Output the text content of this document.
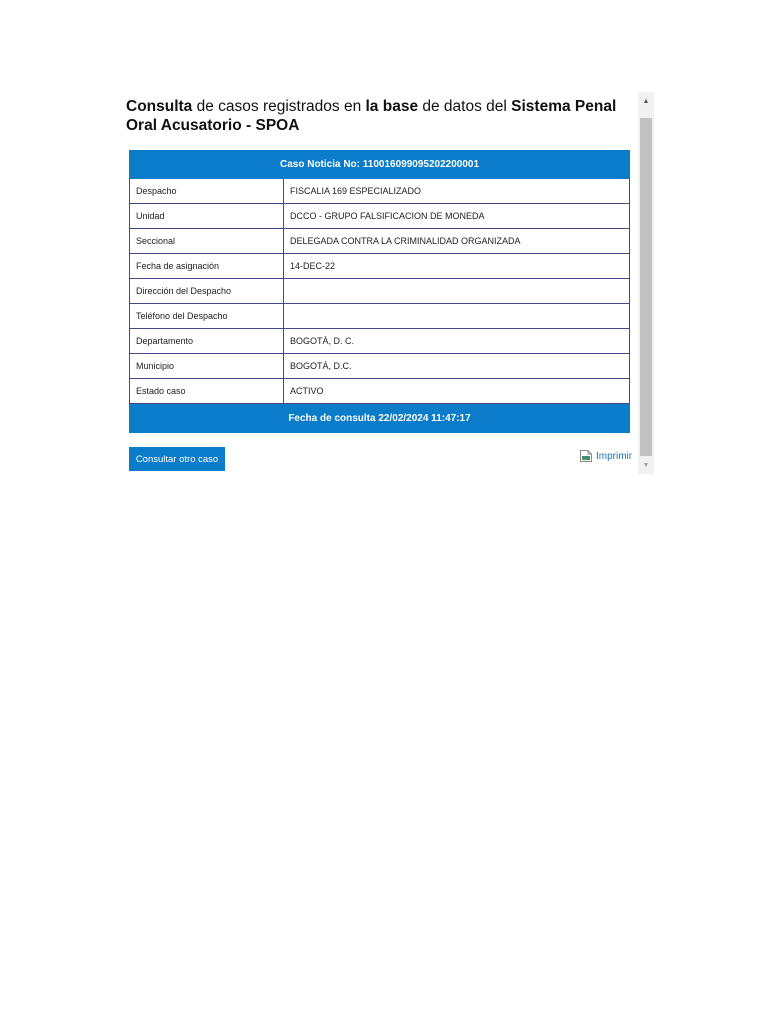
Consulta de casos registrados en la base de datos del Sistema Penal Oral Acusatorio - SPOA
Caso Noticia No: 110016099095202200001	
Despacho	FISCALIA 169 ESPECIALIZADO
Unidad	DCCO - GRUPO FALSIFICACION DE MONEDA
Seccional	DELEGADA CONTRA LA CRIMINALIDAD ORGANIZADA
Fecha de asignación	14-DEC-22
Dirección del Despacho	
Teléfono del Despacho	
Departamento	BOGOTÁ, D. C.
Municipio	BOGOTÁ, D.C.
Estado caso	ACTIVO
Fecha de consulta 22/02/2024 11:47:17	
Consultar otro caso	Imprimir
▲
▼
